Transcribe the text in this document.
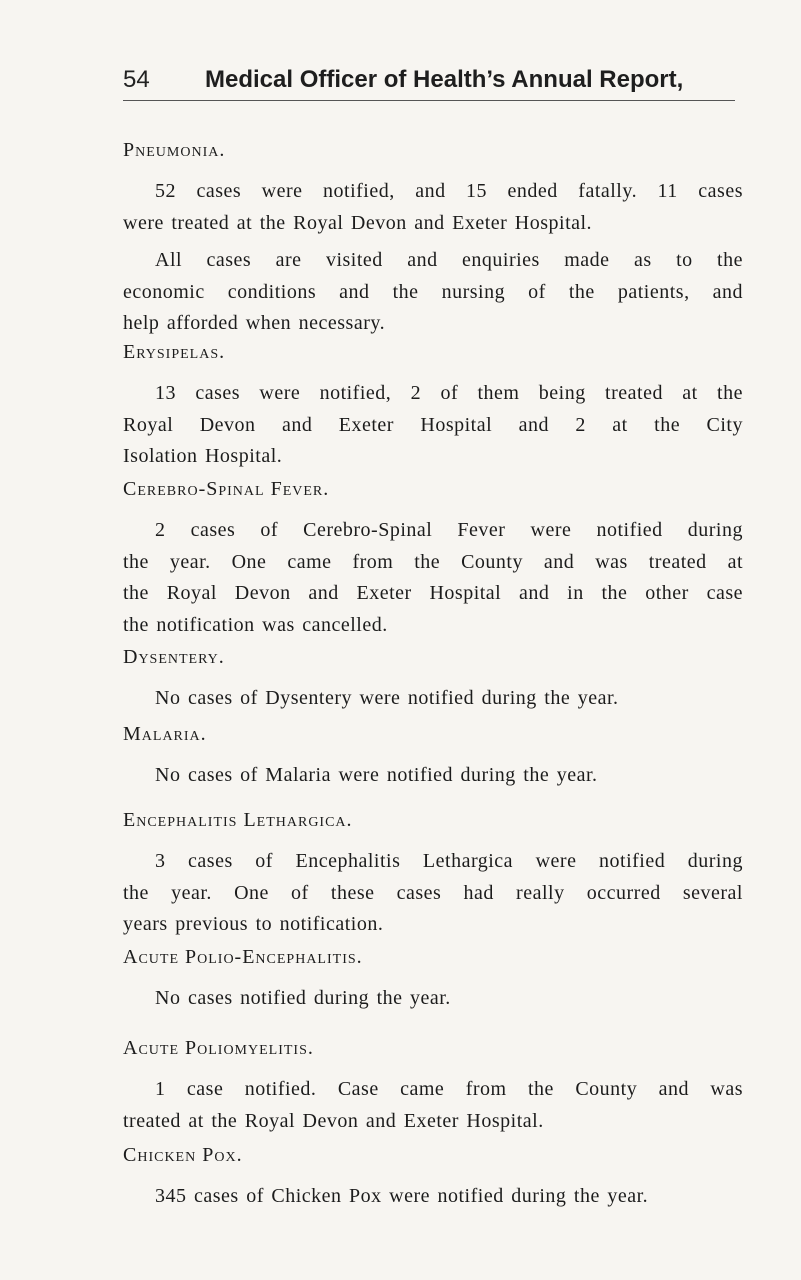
54 Medical Officer of Health’s Annual Report,
Pneumonia.

52 cases were notified, and 15 ended fatally. 11 cases
were treated at the Royal Devon and Exeter Hospital.

All cases are visited and enquiries made as to the
economic conditions and the nursing of the patients, and
help afforded when necessary.

Erysipelas.

13 cases were notified, 2 of them being treated at the
Royal Devon and Exeter Hospital and 2 at the City
Isolation Hospital.

Cerebro-Spinal Fever.

2 cases of Cerebro-Spinal Fever were notified during
the year. One came from the County and was treated at
the Royal Devon and Exeter Hospital and in the other case
the notification was cancelled.

Dysentery.

No cases of Dysentery were notified during the year.

Malaria.

No cases of Malaria were notified during the year.

Encephalitis Lethargica.

3 cases of Encephalitis Lethargica were notified during
the year. One of these cases had really occurred several
years previous to notification.

Acute Polio-Encephalitis.

No cases notified during the year.

Acute Poliomyelitis.

1 case notified. Case came from the County and was
treated at the Royal Devon and Exeter Hospital.

Chicken Pox.

345 cases of Chicken Pox were notified during the year.
